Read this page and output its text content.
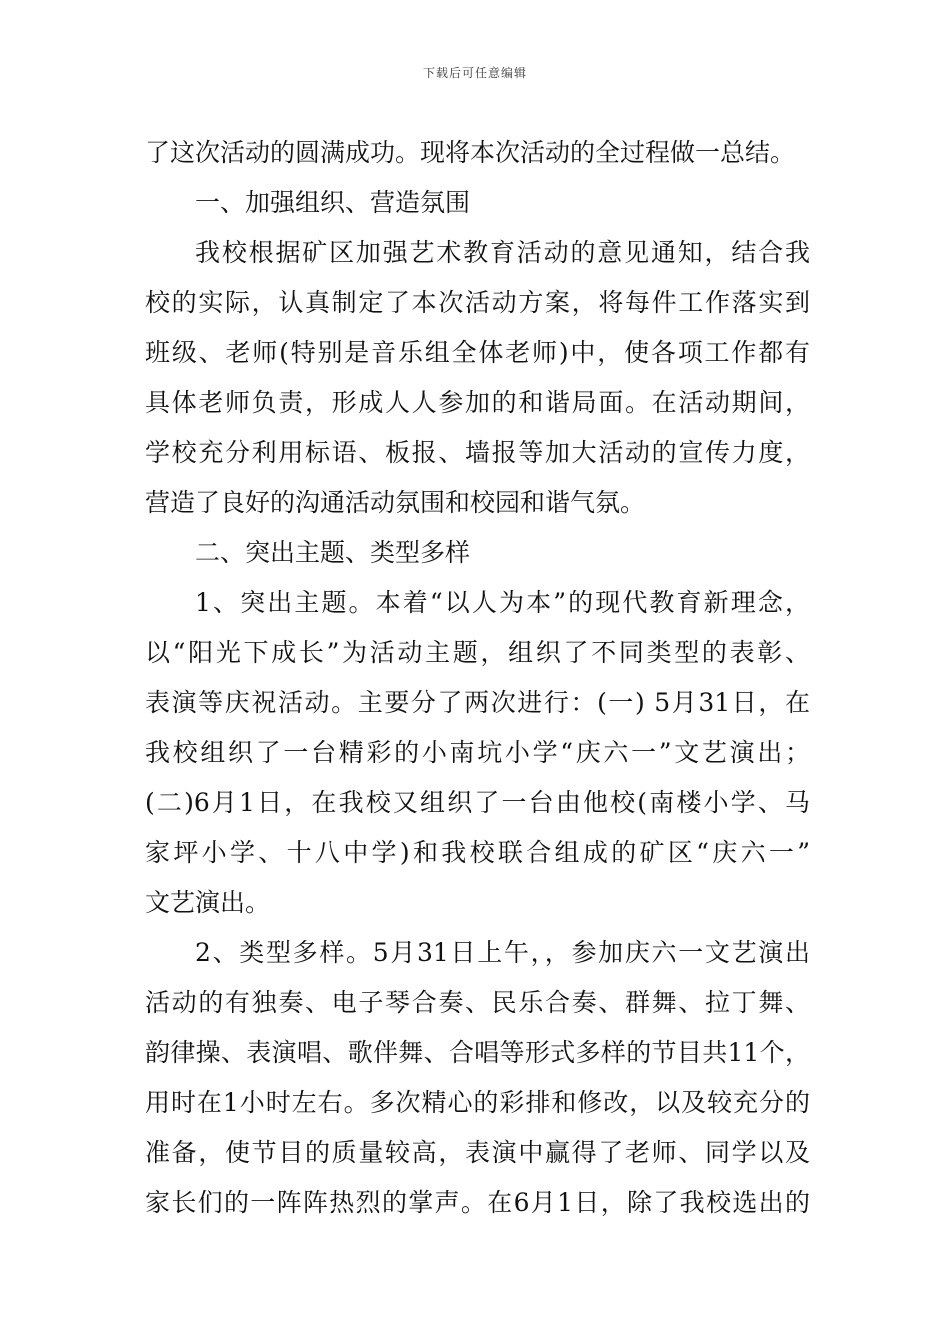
下载后可任意编辑
了这次活动的圆满成功。现将本次活动的全过程做一总结。
一、加强组织、营造氛围
我校根据矿区加强艺术教育活动的意见通知，结合我
校的实际，认真制定了本次活动方案，将每件工作落实到
班级、老师(特别是音乐组全体老师)中，使各项工作都有
具体老师负责，形成人人参加的和谐局面。在活动期间，
学校充分利用标语、板报、墙报等加大活动的宣传力度，
营造了良好的沟通活动氛围和校园和谐气氛。
二、突出主题、类型多样
1、突出主题。本着“以人为本”的现代教育新理念，
以“阳光下成长”为活动主题，组织了不同类型的表彰、
表演等庆祝活动。主要分了两次进行：(一) 5月31日，在
我校组织了一台精彩的小南坑小学“庆六一”文艺演出；
(二)6月1日，在我校又组织了一台由他校(南楼小学、马
家坪小学、十八中学)和我校联合组成的矿区“庆六一”
文艺演出。
2、类型多样。5月31日上午，，参加庆六一文艺演出
活动的有独奏、电子琴合奏、民乐合奏、群舞、拉丁舞、
韵律操、表演唱、歌伴舞、合唱等形式多样的节目共11个，
用时在1小时左右。多次精心的彩排和修改，以及较充分的
准备，使节目的质量较高，表演中赢得了老师、同学以及
家长们的一阵阵热烈的掌声。在6月1日，除了我校选出的
